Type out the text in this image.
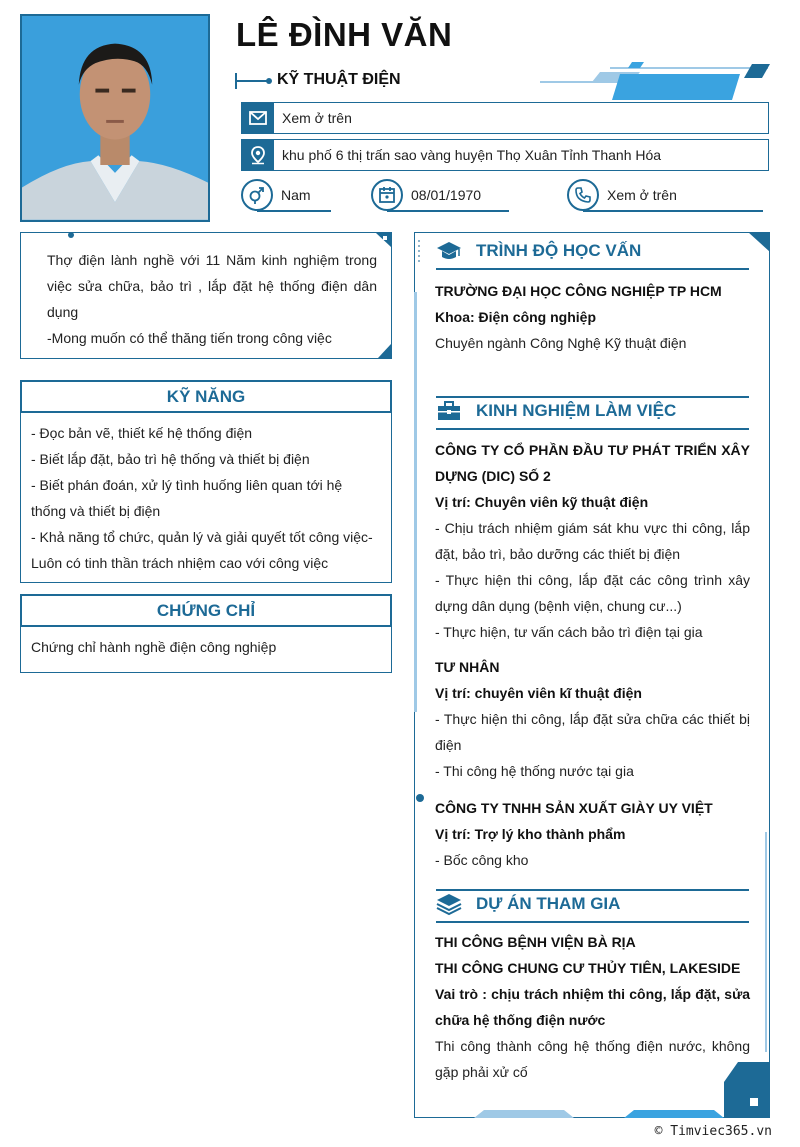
LÊ ĐÌNH VĂN
KỸ THUẬT ĐIỆN
Xem ở trên
khu phố 6 thị trấn sao vàng huyện Thọ Xuân Tỉnh Thanh Hóa
Nam	08/01/1970	Xem ở trên

Thợ điện lành nghề với 11 Năm kinh nghiệm trong việc sửa chữa, bảo trì , lắp đặt hệ thống điện dân dụng

-Mong muốn có thể thăng tiến trong công việc

KỸ NĂNG
- Đọc bản vẽ, thiết kế hệ thống điện
- Biết lắp đặt, bảo trì hệ thống và thiết bị điện
- Biết phán đoán, xử lý tình huống liên quan tới hệ thống và thiết bị điện
- Khả năng tổ chức, quản lý và giải quyết tốt công việc- Luôn có tinh thần trách nhiệm cao với công việc
CHỨNG CHỈ
Chứng chỉ hành nghề điện công nghiệp
TRÌNH ĐỘ HỌC VẤN
TRƯỜNG ĐẠI HỌC CÔNG NGHIỆP TP HCM
Khoa: Điện công nghiệp
Chuyên ngành Công Nghệ Kỹ thuật điện
KINH NGHIỆM LÀM VIỆC
CÔNG TY CỔ PHẦN ĐẦU TƯ PHÁT TRIỂN XÂY DỰNG (DIC) SỐ 2
Vị trí: Chuyên viên kỹ thuật điện
- Chịu trách nhiệm giám sát khu vực thi công, lắp đặt, bảo trì, bảo dưỡng các thiết bị điện
- Thực hiện thi công, lắp đặt các công trình xây dựng dân dụng (bệnh viện, chung cư...)
- Thực hiện, tư vấn cách bảo trì điện tại gia
TƯ NHÂN
Vị trí: chuyên viên kĩ thuật điện
- Thực hiện thi công, lắp đặt sửa chữa các thiết bị điện
- Thi công hệ thống nước tại gia
CÔNG TY TNHH SẢN XUẤT GIÀY UY VIỆT
Vị trí: Trợ lý kho thành phẩm
- Bốc công kho
DỰ ÁN THAM GIA
THI CÔNG BỆNH VIỆN BÀ RỊA
THI CÔNG CHUNG CƯ THỦY TIÊN, LAKESIDE
Vai trò : chịu trách nhiệm thi công, lắp đặt, sửa chữa hệ thống điện nước
Thi công thành công hệ thống điện nước, không gặp phải xử cố
© Timviec365.vn
